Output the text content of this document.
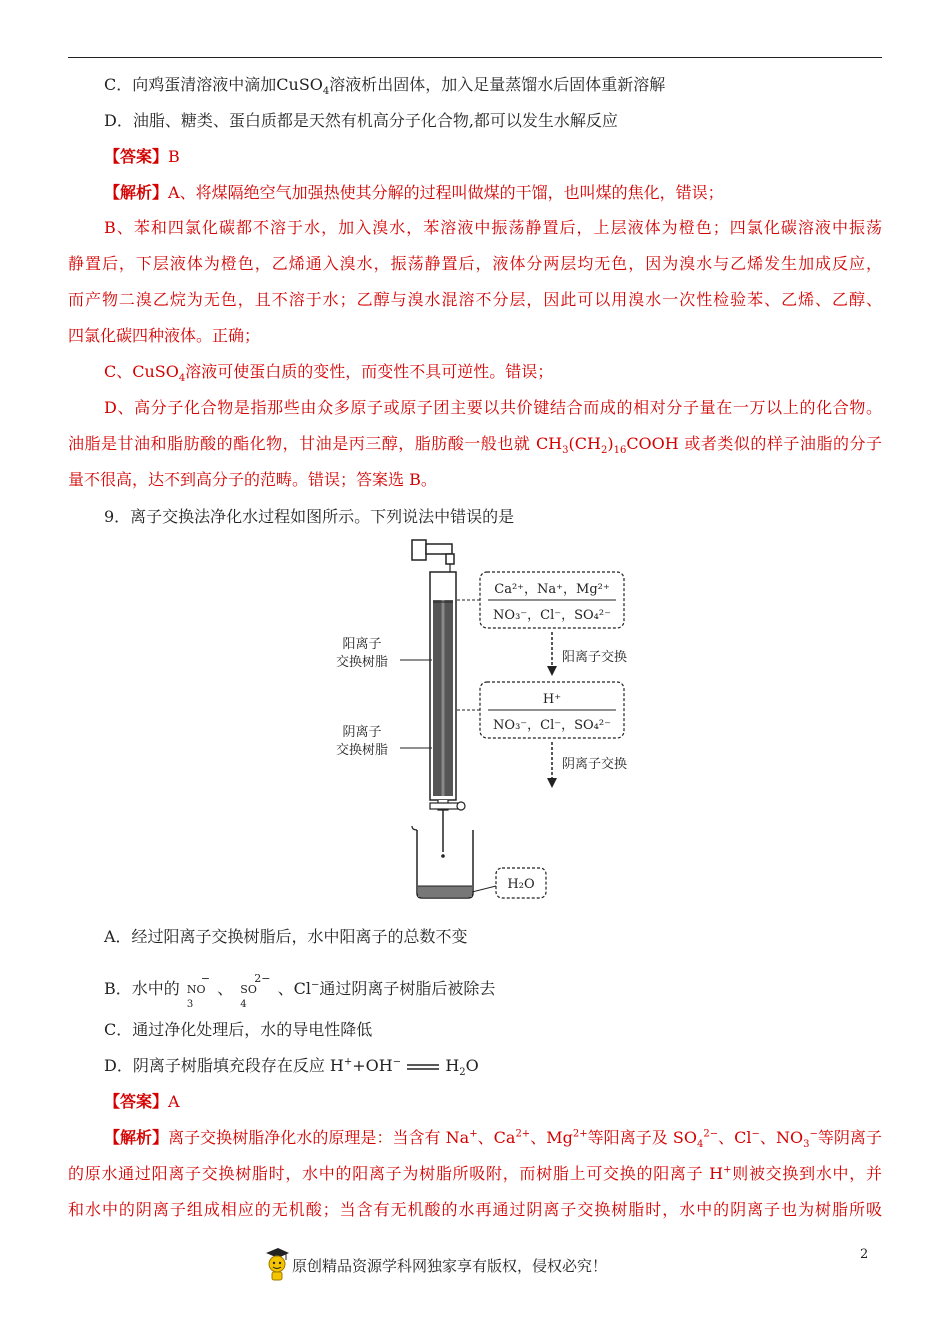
C．向鸡蛋清溶液中滴加CuSO$_4$溶液析出固体，加入足量蒸馏水后固体重新溶解
D．油脂、糖类、蛋白质都是天然有机高分子化合物,都可以发生水解反应
【答案】B
【解析】A、将煤隔绝空气加强热使其分解的过程叫做煤的干馏，也叫煤的焦化，错误；
B、苯和四氯化碳都不溶于水，加入溴水，苯溶液中振荡静置后，上层液体为橙色；四氯化碳溶液中振荡
静置后，下层液体为橙色，乙烯通入溴水，振荡静置后，液体分两层均无色，因为溴水与乙烯发生加成反应，
而产物二溴乙烷为无色，且不溶于水；乙醇与溴水混溶不分层，因此可以用溴水一次性检验苯、乙烯、乙醇、
四氯化碳四种液体。正确；
C、CuSO$_4$溶液可使蛋白质的变性，而变性不具可逆性。错误；
D、高分子化合物是指那些由众多原子或原子团主要以共价键结合而成的相对分子量在一万以上的化合物。
油脂是甘油和脂肪酸的酯化物，甘油是丙三醇，脂肪酸一般也就 $CH_3(CH_2)_{16}COOH$ 或者类似的样子油脂的分子
量不很高，达不到高分子的范畴。错误；答案选 B。
9．离子交换法净化水过程如图所示。下列说法中错误的是
阳离子
交换树脂
阴离子
交换树脂
Ca²⁺，Na⁺，Mg²⁺
NO₃⁻，Cl⁻，SO₄²⁻
阳离子交换
H⁺
NO₃⁻，Cl⁻，SO₄²⁻
阴离子交换
H₂O
A．经过阳离子交换树脂后，水中阳离子的总数不变
B．水中的
−
NO
$_3$
、
2−
SO
$_4$
、Cl−通过阴离子树脂后被除去
C．通过净化处理后，水的导电性降低
D．阴离子树脂填充段存在反应 H++OH−	$H_2O$
【答案】A
【解析】离子交换树脂净化水的原理是：当含有 Na+、$Ca^{2+}$、$Mg^{2+}$等阳离子及 $SO_4^{2-}$、Cl−、$NO_3^-$等阴离子
的原水通过阳离子交换树脂时，水中的阳离子为树脂所吸附，而树脂上可交换的阳离子 H+则被交换到水中，并
和水中的阴离子组成相应的无机酸；当含有无机酸的水再通过阴离子交换树脂时，水中的阴离子也为树脂所吸
原创精品资源学科网独家享有版权，侵权必究！
2
